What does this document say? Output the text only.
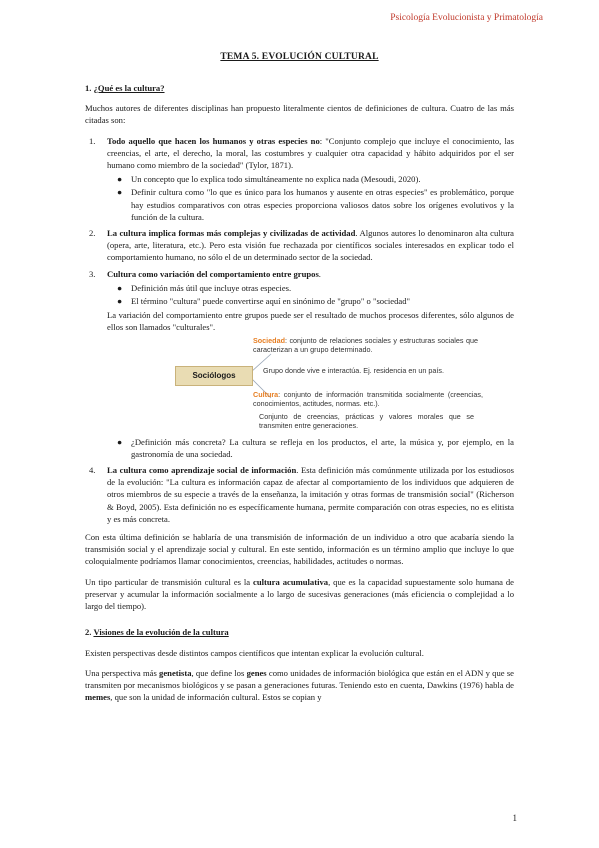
Psicología Evolucionista y Primatología
TEMA 5. EVOLUCIÓN CULTURAL
1. ¿Qué es la cultura?

Muchos autores de diferentes disciplinas han propuesto literalmente cientos de definiciones de cultura. Cuatro de las más citadas son:

1. Todo aquello que hacen los humanos y otras especies no: "Conjunto complejo que incluye el conocimiento, las creencias, el arte, el derecho, la moral, las costumbres y cualquier otra capacidad y hábito adquiridos por el ser humano como miembro de la sociedad" (Tylor, 1871).
● Un concepto que lo explica todo simultáneamente no explica nada (Mesoudi, 2020).
● Definir cultura como "lo que es único para los humanos y ausente en otras especies" es problemático, porque hay estudios comparativos con otras especies proporciona valiosos datos sobre los orígenes evolutivos y la función de la cultura.
2. La cultura implica formas más complejas y civilizadas de actividad. Algunos autores lo denominaron alta cultura (opera, arte, literatura, etc.). Pero esta visión fue rechazada por científicos sociales interesados en explicar todo el comportamiento humano, no sólo el de un determinado sector de la sociedad.
3. Cultura como variación del comportamiento entre grupos.
● Definición más útil que incluye otras especies.
● El término "cultura" puede convertirse aquí en sinónimo de "grupo" o "sociedad"
La variación del comportamiento entre grupos puede ser el resultado de muchos procesos diferentes, sólo algunos de ellos son llamados "culturales".
Sociólogos
Sociedad: conjunto de relaciones sociales y estructuras sociales que caracterizan a un grupo determinado.
Grupo donde vive e interactúa. Ej. residencia en un país.
Cultura: conjunto de información transmitida socialmente (creencias, conocimientos, actitudes, normas. etc.).
Conjunto de creencias, prácticas y valores morales que se transmiten entre generaciones.
● ¿Definición más concreta? La cultura se refleja en los productos, el arte, la música y, por ejemplo, en la gastronomía de una sociedad.
4. La cultura como aprendizaje social de información. Esta definición más comúnmente utilizada por los estudiosos de la evolución: "La cultura es información capaz de afectar al comportamiento de los individuos que adquieren de otros miembros de su especie a través de la enseñanza, la imitación y otras formas de transmisión social" (Richerson & Boyd, 2005). Esta definición no es específicamente humana, permite comparación con otras especies, no es elitista y es más concreta.

Con esta última definición se hablaría de una transmisión de información de un individuo a otro que acabaría siendo la transmisión social y el aprendizaje social y cultural. En este sentido, información es un término amplio que incluye lo que coloquialmente podríamos llamar conocimientos, creencias, habilidades, actitudes o normas.

Un tipo particular de transmisión cultural es la cultura acumulativa, que es la capacidad supuestamente solo humana de preservar y acumular la información socialmente a lo largo de sucesivas generaciones (más eficiencia o complejidad a lo largo del tiempo).

2. Visiones de la evolución de la cultura

Existen perspectivas desde distintos campos científicos que intentan explicar la evolución cultural.

Una perspectiva más genetista, que define los genes como unidades de información biológica que están en el ADN y que se transmiten por mecanismos biológicos y se pasan a generaciones futuras. Teniendo esto en cuenta, Dawkins (1976) habla de memes, que son la unidad de información cultural. Estos se copian y

1
